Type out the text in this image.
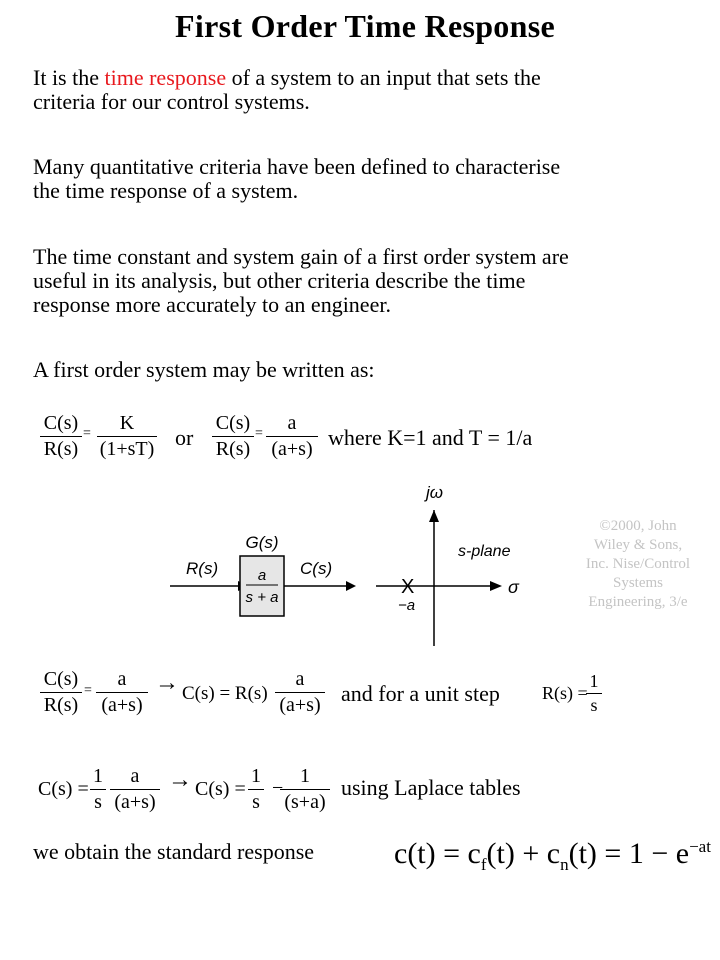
First Order Time Response
It is the time response of a system to an input that sets the
criteria for our control systems.
Many quantitative criteria have been defined to characterise
the time response of a system.
The time constant and system gain of a first order system are
useful in its analysis, but other criteria describe the time
response more accurately to an engineer.
A first order system may be written as:
C(s)
R(s)
=	K
(1+sT) or
C(s)
R(s)
=	a
(a+s) where K=1 and T = 1/a
R(s)
G(s)
a
s + a
C(s)
jω
s-plane
σ
X
−a
©2000, John
Wiley & Sons,
Inc. Nise/Control
Systems
Engineering, 3/e
C(s)
R(s)
=
a
(a+s)
→ C(s) = R(s)
a
(a+s) and for a unit step R(s) =
1
s
C(s) =
1
s
a
(a+s)
→ C(s) =
1
s
−
1
(s+a)
using Laplace tables
we obtain the standard response	$c(t) = c_f(t) + c_n(t) = 1 - e^{-at}$
